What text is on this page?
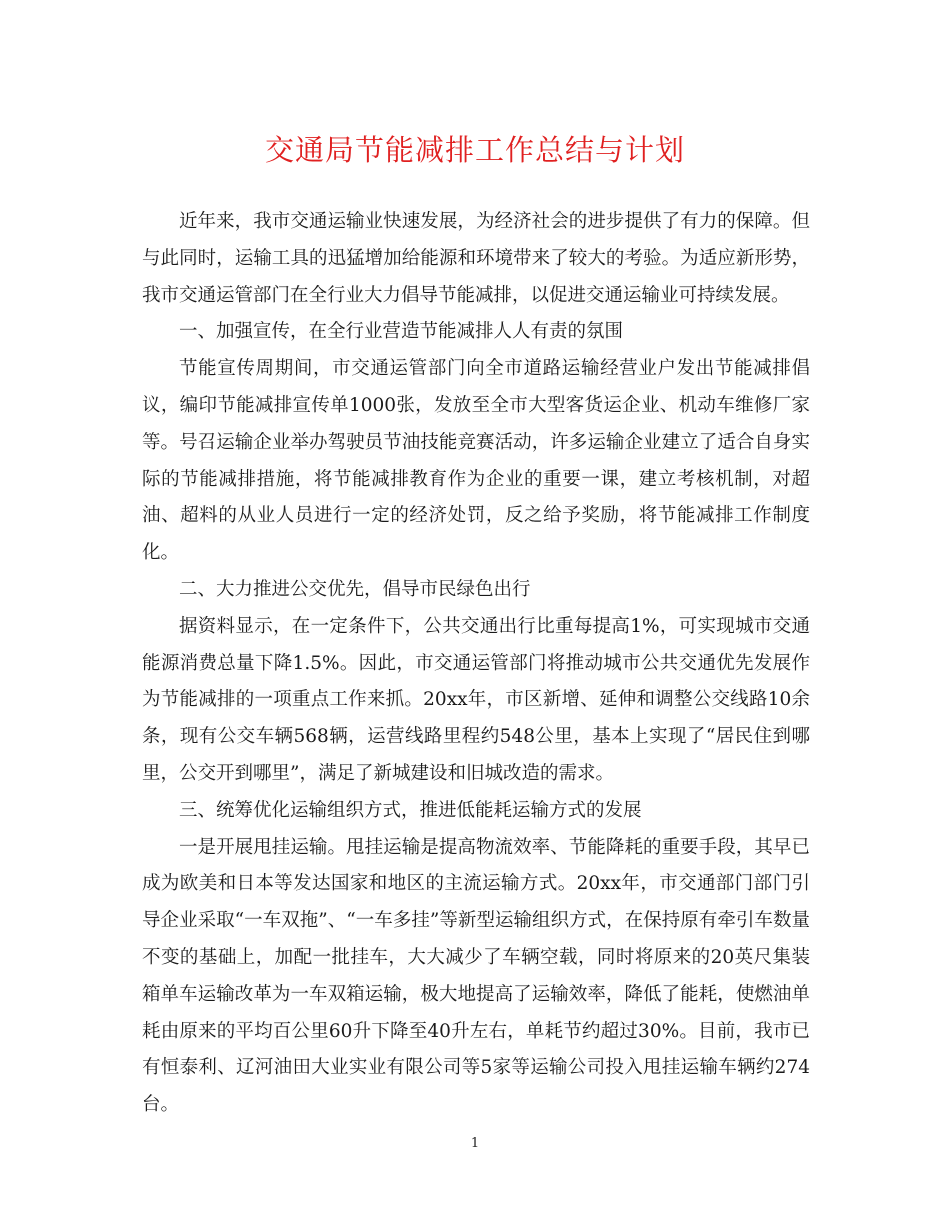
交通局节能减排工作总结与计划

近年来，我市交通运输业快速发展，为经济社会的进步提供了有力的保障。但与此同时，运输工具的迅猛增加给能源和环境带来了较大的考验。为适应新形势，我市交通运管部门在全行业大力倡导节能减排，以促进交通运输业可持续发展。

一、加强宣传，在全行业营造节能减排人人有责的氛围

节能宣传周期间，市交通运管部门向全市道路运输经营业户发出节能减排倡议，编印节能减排宣传单1000张，发放至全市大型客货运企业、机动车维修厂家等。号召运输企业举办驾驶员节油技能竞赛活动，许多运输企业建立了适合自身实际的节能减排措施，将节能减排教育作为企业的重要一课，建立考核机制，对超油、超料的从业人员进行一定的经济处罚，反之给予奖励，将节能减排工作制度化。

二、大力推进公交优先，倡导市民绿色出行

据资料显示，在一定条件下，公共交通出行比重每提高1%，可实现城市交通能源消费总量下降1.5%。因此，市交通运管部门将推动城市公共交通优先发展作为节能减排的一项重点工作来抓。20xx年，市区新增、延伸和调整公交线路10余条，现有公交车辆568辆，运营线路里程约548公里，基本上实现了“居民住到哪里，公交开到哪里”，满足了新城建设和旧城改造的需求。

三、统筹优化运输组织方式，推进低能耗运输方式的发展

一是开展甩挂运输。甩挂运输是提高物流效率、节能降耗的重要手段，其早已成为欧美和日本等发达国家和地区的主流运输方式。20xx年，市交通部门部门引导企业采取“一车双拖”、“一车多挂”等新型运输组织方式，在保持原有牵引车数量不变的基础上，加配一批挂车，大大减少了车辆空载，同时将原来的20英尺集装箱单车运输改革为一车双箱运输，极大地提高了运输效率，降低了能耗，使燃油单耗由原来的平均百公里60升下降至40升左右，单耗节约超过30%。目前，我市已有恒泰利、辽河油田大业实业有限公司等5家等运输公司投入甩挂运输车辆约274台。

1
